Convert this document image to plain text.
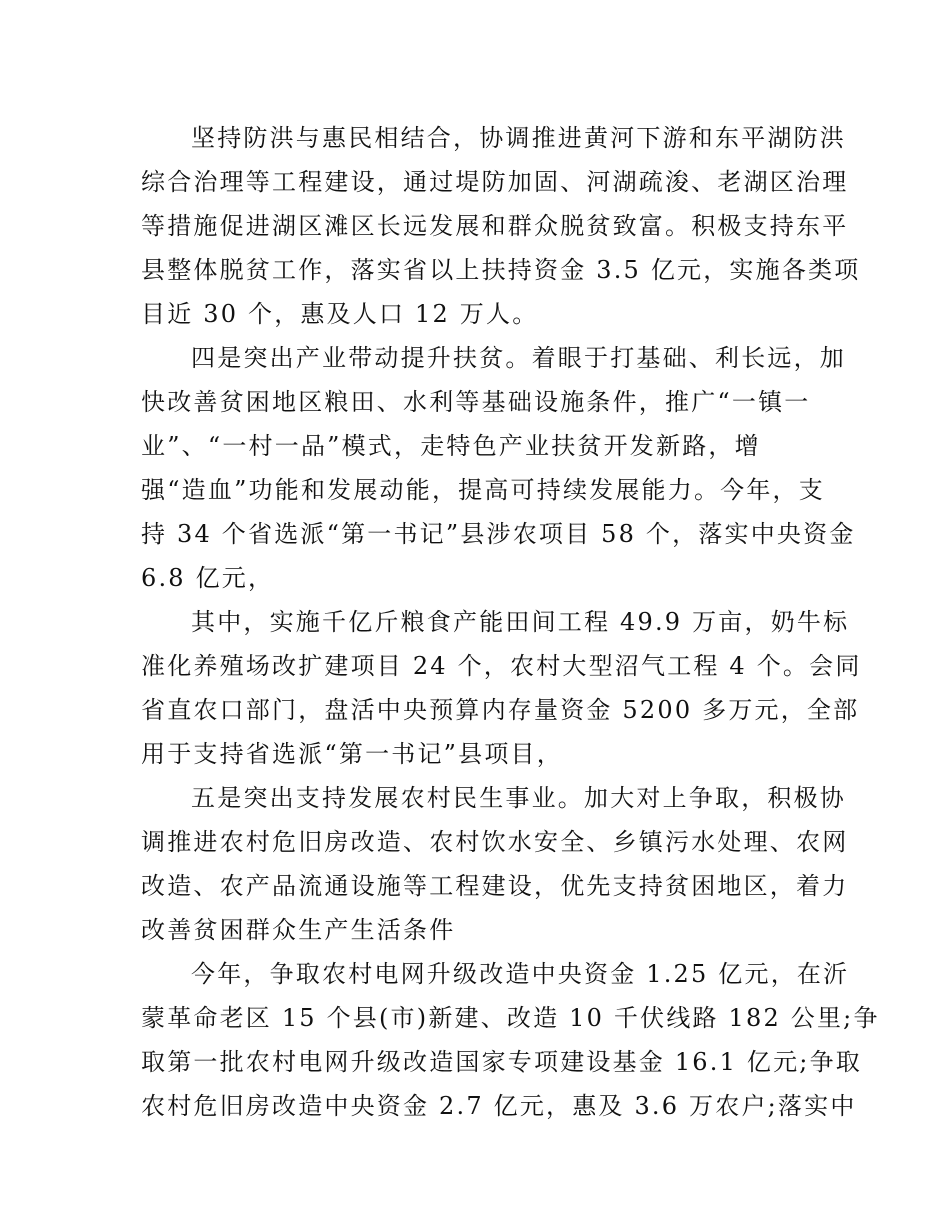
坚持防洪与惠民相结合，协调推进黄河下游和东平湖防洪
综合治理等工程建设，通过堤防加固、河湖疏浚、老湖区治理
等措施促进湖区滩区长远发展和群众脱贫致富。积极支持东平
县整体脱贫工作，落实省以上扶持资金 3.5 亿元，实施各类项
目近 30 个，惠及人口 12 万人。
四是突出产业带动提升扶贫。着眼于打基础、利长远，加
快改善贫困地区粮田、水利等基础设施条件，推广“一镇一
业”、“一村一品”模式，走特色产业扶贫开发新路，增
强“造血”功能和发展动能，提高可持续发展能力。今年，支
持 34 个省选派“第一书记”县涉农项目 58 个，落实中央资金
6.8 亿元，
其中，实施千亿斤粮食产能田间工程 49.9 万亩，奶牛标
准化养殖场改扩建项目 24 个，农村大型沼气工程 4 个。会同
省直农口部门，盘活中央预算内存量资金 5200 多万元，全部
用于支持省选派“第一书记”县项目，
五是突出支持发展农村民生事业。加大对上争取，积极协
调推进农村危旧房改造、农村饮水安全、乡镇污水处理、农网
改造、农产品流通设施等工程建设，优先支持贫困地区，着力
改善贫困群众生产生活条件
今年，争取农村电网升级改造中央资金 1.25 亿元，在沂
蒙革命老区 15 个县(市)新建、改造 10 千伏线路 182 公里;争
取第一批农村电网升级改造国家专项建设基金 16.1 亿元;争取
农村危旧房改造中央资金 2.7 亿元，惠及 3.6 万农户;落实中
